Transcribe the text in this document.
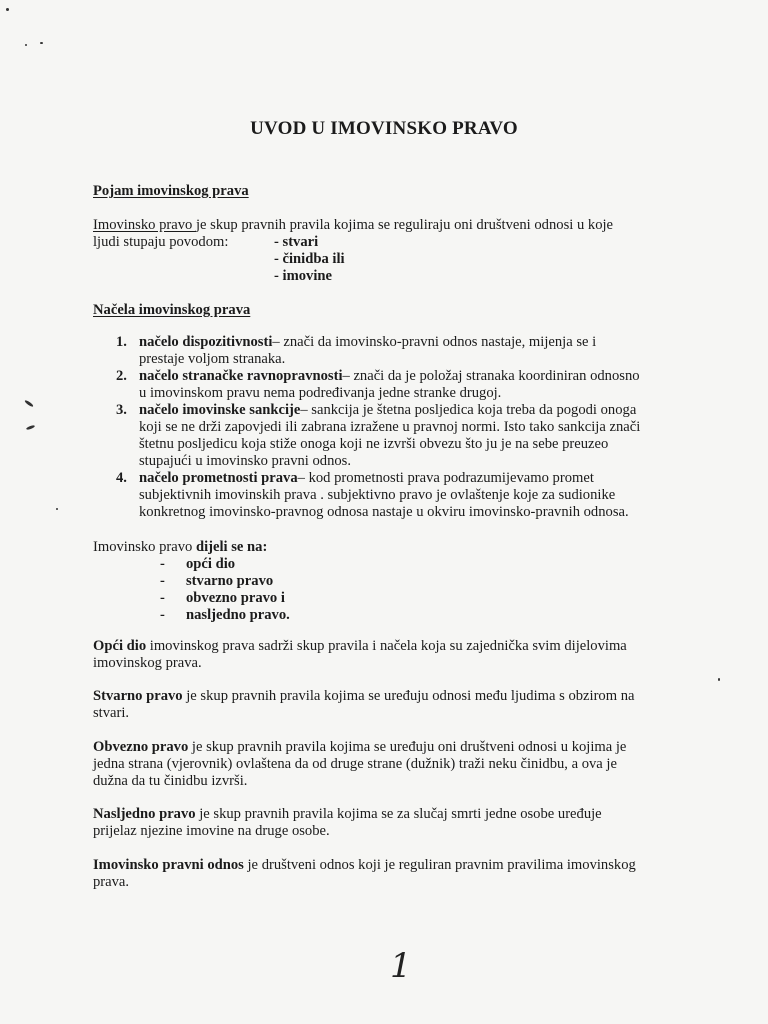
UVOD U IMOVINSKO PRAVO
Pojam imovinskog prava
Imovinsko pravo je skup pravnih pravila kojima se reguliraju oni društveni odnosi u koje
ljudi stupaju povodom:	- stvari
- činidba ili
- imovine
Načela imovinskog prava
1. načelo dispozitivnosti– znači da imovinsko-pravni odnos nastaje, mijenja se i
prestaje voljom stranaka.
2. načelo stranačke ravnopravnosti– znači da je položaj stranaka koordiniran odnosno
u imovinskom pravu nema podređivanja jedne stranke drugoj.
3. načelo imovinske sankcije– sankcija je štetna posljedica koja treba da pogodi onoga
koji se ne drži zapovjedi ili zabrana izražene u pravnoj normi. Isto tako sankcija znači
štetnu posljedicu koja stiže onoga koji ne izvrši obvezu što ju je na sebe preuzeo
stupajući u imovinsko pravni odnos.
4. načelo prometnosti prava– kod prometnosti prava podrazumijevamo promet
subjektivnih imovinskih prava . subjektivno pravo je ovlaštenje koje za sudionike
konkretnog imovinsko-pravnog odnosa nastaje u okviru imovinsko-pravnih odnosa.
Imovinsko pravo dijeli se na:
- opći dio
- stvarno pravo
- obvezno pravo i
- nasljedno pravo.
Opći dio imovinskog prava sadrži skup pravila i načela koja su zajednička svim dijelovima
imovinskog prava.
Stvarno pravo je skup pravnih pravila kojima se uređuju odnosi među ljudima s obzirom na
stvari.
Obvezno pravo je skup pravnih pravila kojima se uređuju oni društveni odnosi u kojima je
jedna strana (vjerovnik) ovlaštena da od druge strane (dužnik) traži neku činidbu, a ova je
dužna da tu činidbu izvrši.
Nasljedno pravo je skup pravnih pravila kojima se za slučaj smrti jedne osobe uređuje
prijelaz njezine imovine na druge osobe.
Imovinsko pravni odnos je društveni odnos koji je reguliran pravnim pravilima imovinskog
prava.
1
